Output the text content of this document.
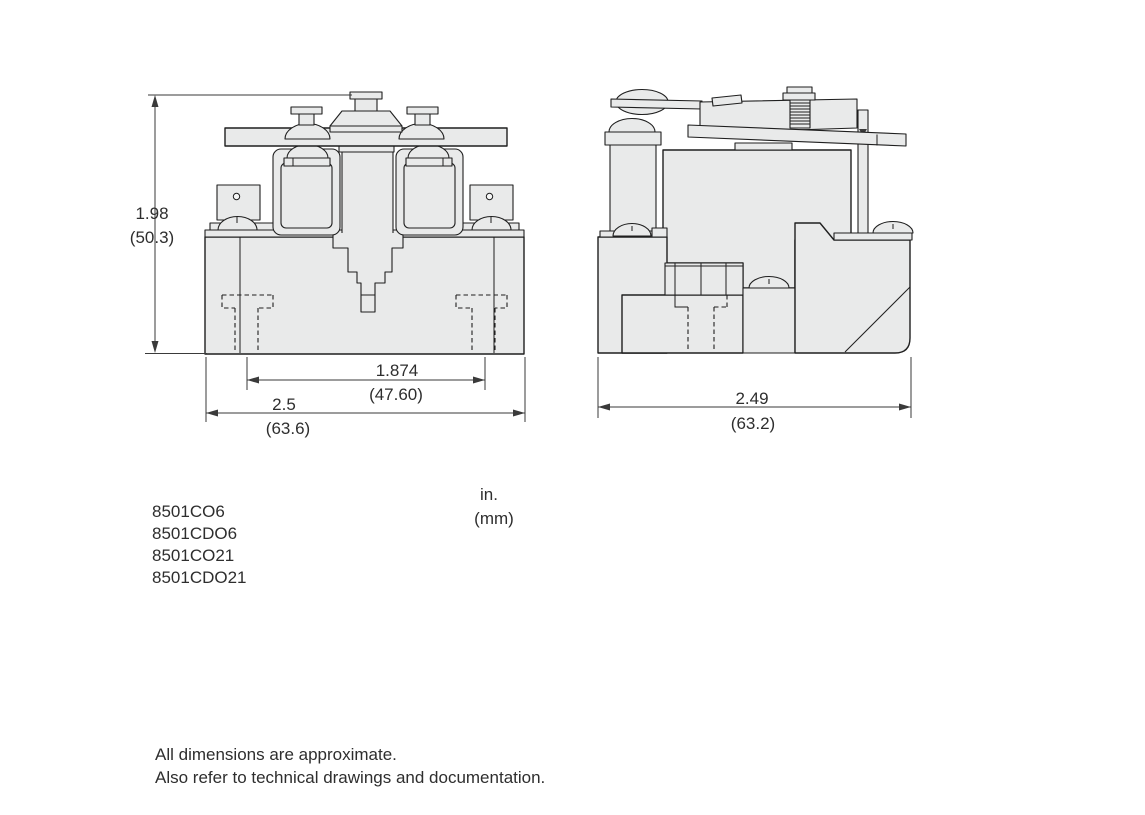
1.98
(50.3)
1.874
(47.60)
2.5
(63.6)
2.49
(63.2)
in.
(mm)
8501CO6
8501CDO6
8501CO21
8501CDO21
All dimensions are approximate.
Also refer to technical drawings and documentation.
